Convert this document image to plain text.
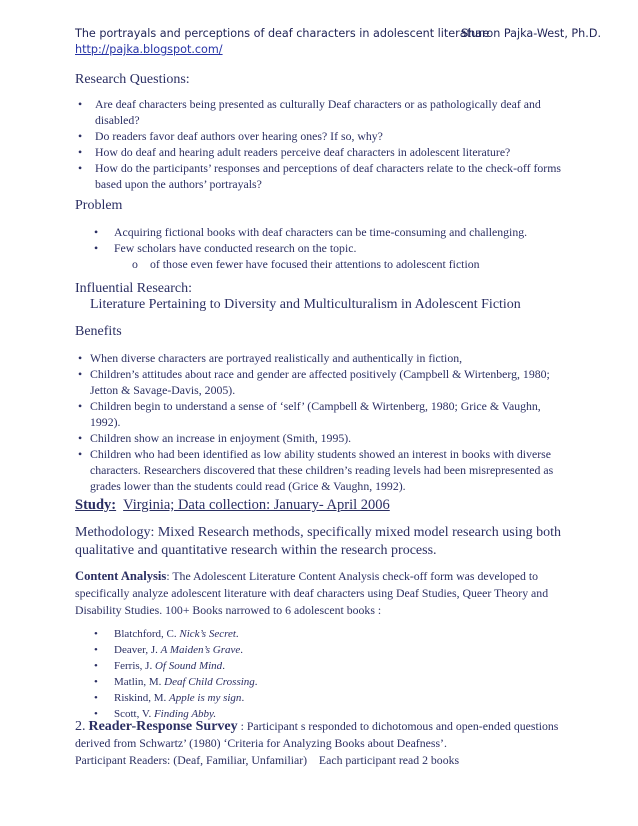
The portrayals and perceptions of deaf characters in adolescent literature
Sharon Pajka-West, Ph.D.
http://pajka.blogspot.com/
Research Questions:
• Are deaf characters being presented as culturally Deaf characters or as pathologically deaf and
disabled?
• Do readers favor deaf authors over hearing ones? If so, why?
• How do deaf and hearing adult readers perceive deaf characters in adolescent literature?
• How do the participants’ responses and perceptions of deaf characters relate to the check-off forms
based upon the authors’ portrayals?
Problem
• Acquiring fictional books with deaf characters can be time-consuming and challenging.
• Few scholars have conducted research on the topic.
o of those even fewer have focused their attentions to adolescent fiction
Influential Research:
Literature Pertaining to Diversity and Multiculturalism in Adolescent Fiction
Benefits
• When diverse characters are portrayed realistically and authentically in fiction,
• Children’s attitudes about race and gender are affected positively (Campbell & Wirtenberg, 1980;
Jetton & Savage-Davis, 2005).
• Children begin to understand a sense of ‘self’ (Campbell & Wirtenberg, 1980; Grice & Vaughn,
1992).
• Children show an increase in enjoyment (Smith, 1995).
• Children who had been identified as low ability students showed an interest in books with diverse
characters. Researchers discovered that these children’s reading levels had been misrepresented as
grades lower than the students could read (Grice & Vaughn, 1992).
Study: Virginia; Data collection: January- April 2006
Methodology: Mixed Research methods, specifically mixed model research using both
qualitative and quantitative research within the research process.
Content Analysis: The Adolescent Literature Content Analysis check-off form was developed to
specifically analyze adolescent literature with deaf characters using Deaf Studies, Queer Theory and
Disability Studies. 100+ Books narrowed to 6 adolescent books :
• Blatchford, C. Nick’s Secret.
• Deaver, J. A Maiden’s Grave.
• Ferris, J. Of Sound Mind.
• Matlin, M. Deaf Child Crossing.
• Riskind, M. Apple is my sign.
• Scott, V. Finding Abby.
2. Reader-Response Survey : Participant s responded to dichotomous and open-ended questions
derived from Schwartz’ (1980) ‘Criteria for Analyzing Books about Deafness’.
Participant Readers: (Deaf, Familiar, Unfamiliar)    Each participant read 2 books
